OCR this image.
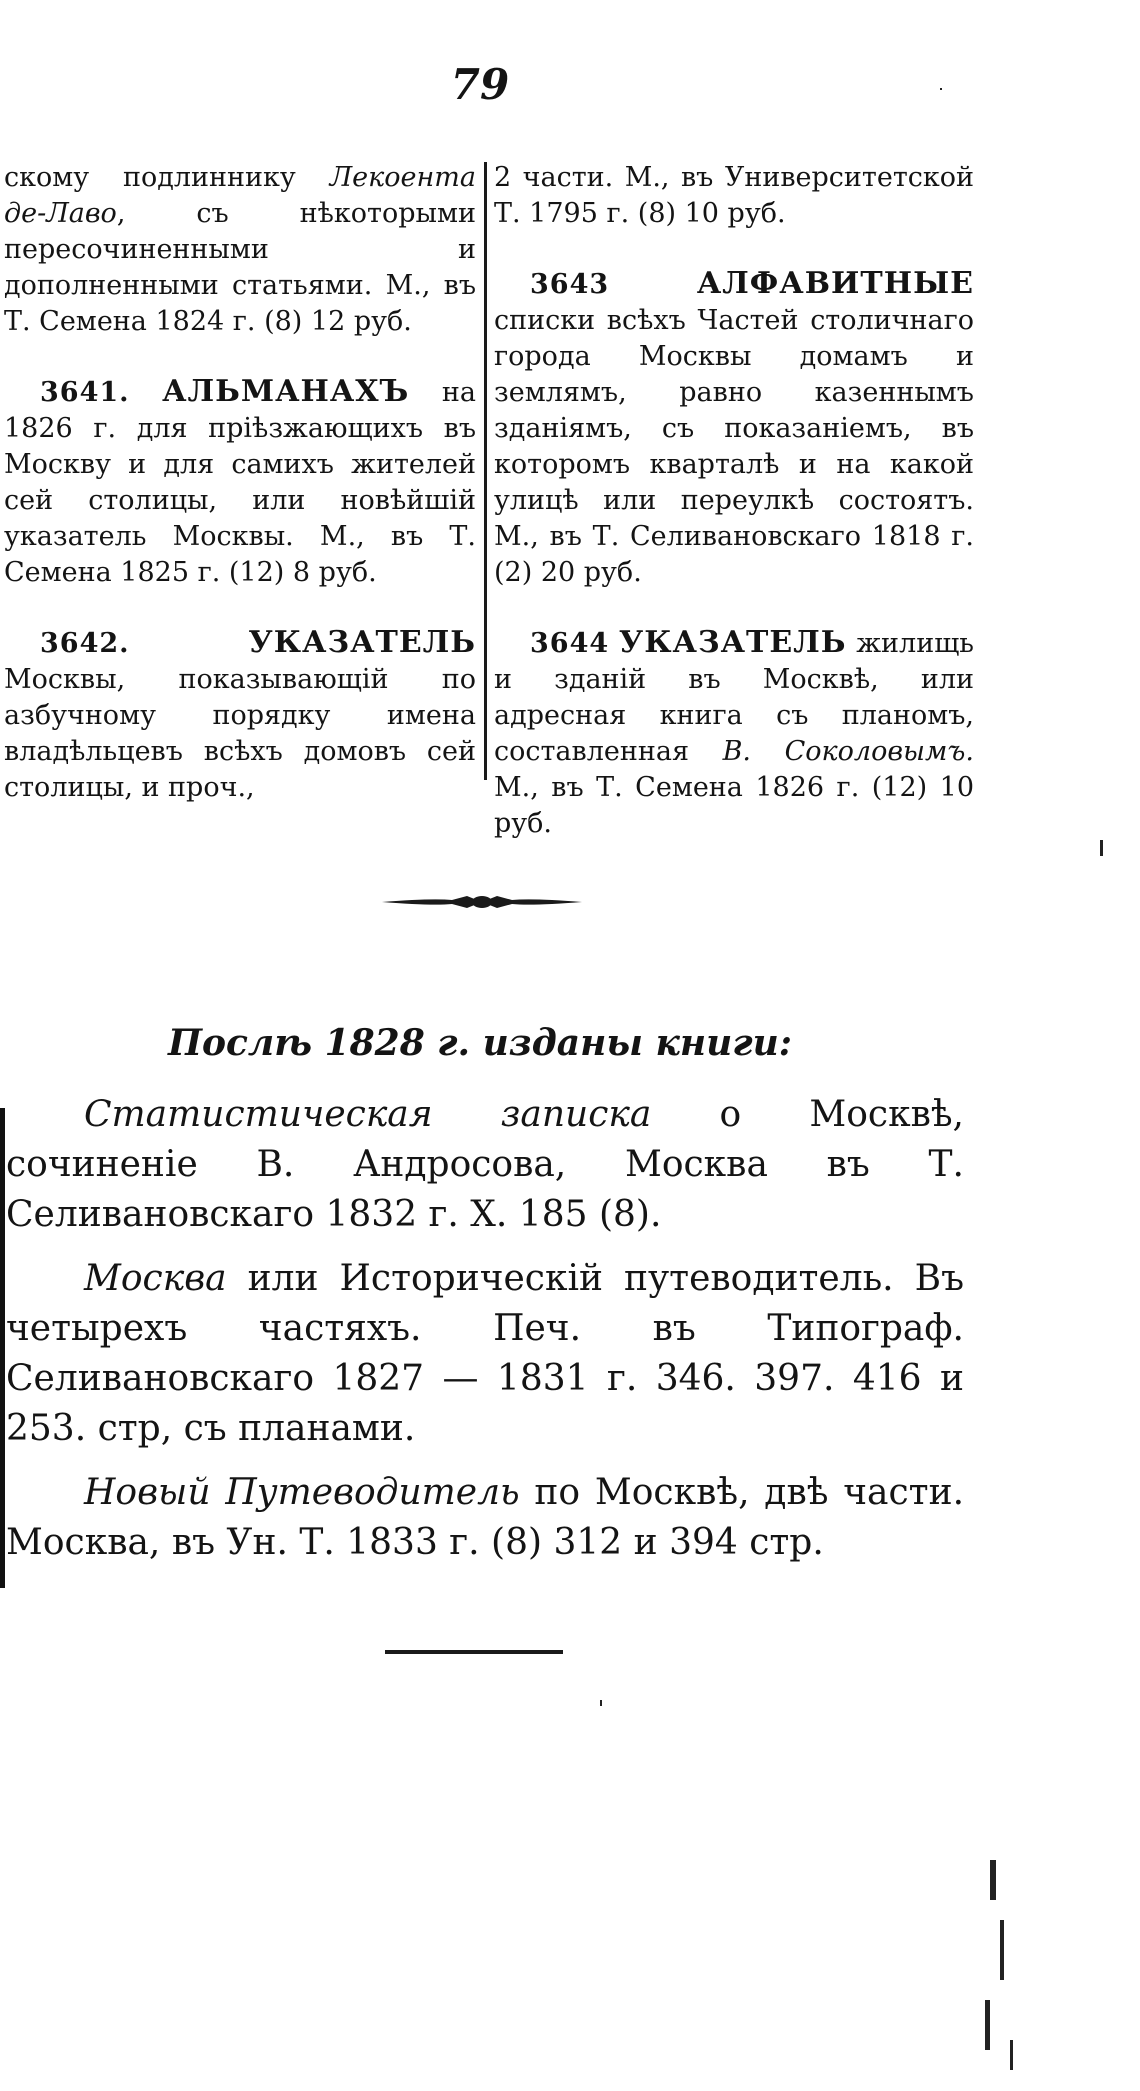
79

скому подлиннику Лекоента де-Лаво, съ нѣкоторыми пересочиненными и дополненными статьями. М., въ Т. Семена 1824 г. (8) 12 руб.

3641. АЛЬМАНАХЪ на 1826 г. для пріѣзжающихъ въ Москву и для самихъ жителей сей столицы, или новѣйшій указатель Москвы. М., въ Т. Семена 1825 г. (12) 8 руб.

3642.	УКАЗАТЕЛЬ Москвы, показывающій по азбучному порядку имена владѣльцевъ всѣхъ домовъ сей столицы, и проч.,

2 части. М., въ Университетской Т. 1795 г. (8) 10 руб.

3643	АЛФАВИТНЫЕ списки всѣхъ Частей столичнаго города Москвы домамъ и землямъ, равно казеннымъ зданіямъ, съ показаніемъ, въ которомъ кварталѣ и на какой улицѣ или переулкѣ состоятъ. М., въ Т. Селивановскаго 1818 г. (2) 20 руб.

3644 УКАЗАТЕЛЬ жилищь и зданій въ Москвѣ, или адресная книга съ планомъ, составленная В. Соколовымъ. М., въ Т. Семена 1826 г. (12) 10 руб.

Послѣ 1828 г. изданы книги:

Статистическая записка о Москвѣ, сочиненіе В. Андросова, Москва въ Т. Селивановскаго 1832 г. X. 185 (8).

Москва или Историческій путеводитель. Въ четырехъ частяхъ. Печ. въ Типограф. Селивановскаго 1827 — 1831 г. 346. 397. 416 и 253. стр, съ планами.

Новый Путеводитель по Москвѣ, двѣ части. Москва, въ Ун. Т. 1833 г. (8) 312 и 394 стр.
